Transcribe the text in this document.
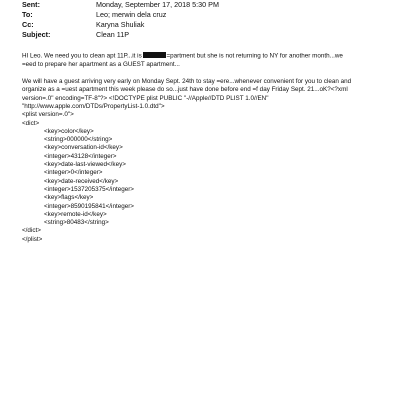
Sent:	Monday, September 17, 2018 5:30 PM
To:	Leo; merwin dela cruz
Cc:	Karyna Shuliak
Subject:	Clean 11P
HI Leo. We need you to clean apt 11P...it is	=partment but she is not returning to NY for another month...we
=eed to prepare her apartment as a GUEST apartment...
We will have a guest arriving very early on Monday Sept. 24th to stay =ere...whenever convenient for you to clean and
organize as a =uest apartment this week please do so...just have done before end =f day Friday Sept. 21...oK?<?xml
version=.0" encoding=TF-8"?> <!DOCTYPE plist PUBLIC "-//Apple//DTD PLIST 1.0//EN"
"http://www.apple.com/DTDs/PropertyList-1.0.dtd">
<plist version=.0">
<dict>
<key>color</key>
<string>000000</string>
<key>conversation-id</key>
<integer>43128</integer>
<key>date-last-viewed</key>
<integer>0</integer>
<key>date-received</key>
<integer>1537205375</integer>
<key>flags</key>
<integer>8590195841</integer>
<key>remote-id</key>
<string>80483</string>
</dict>
</plist>
